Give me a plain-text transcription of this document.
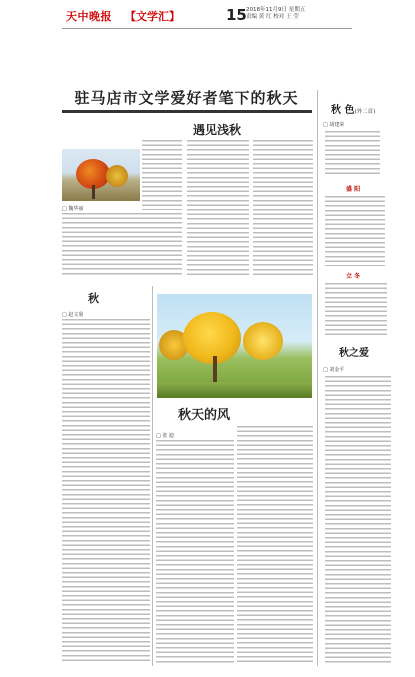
天中晚报 【文学汇】	15 2018年11月9日 星期五
责编 黄 红 校对 王 莹
驻马店市文学爱好者笔下的秋天
遇见浅秋
□ 魏华丽
秋
□ 赵文菊
秋天的风
□ 张 迪
秋 色(外二首)
□ 胡建荣
盛 阳
立 冬
秋之爱
□ 刘金平
